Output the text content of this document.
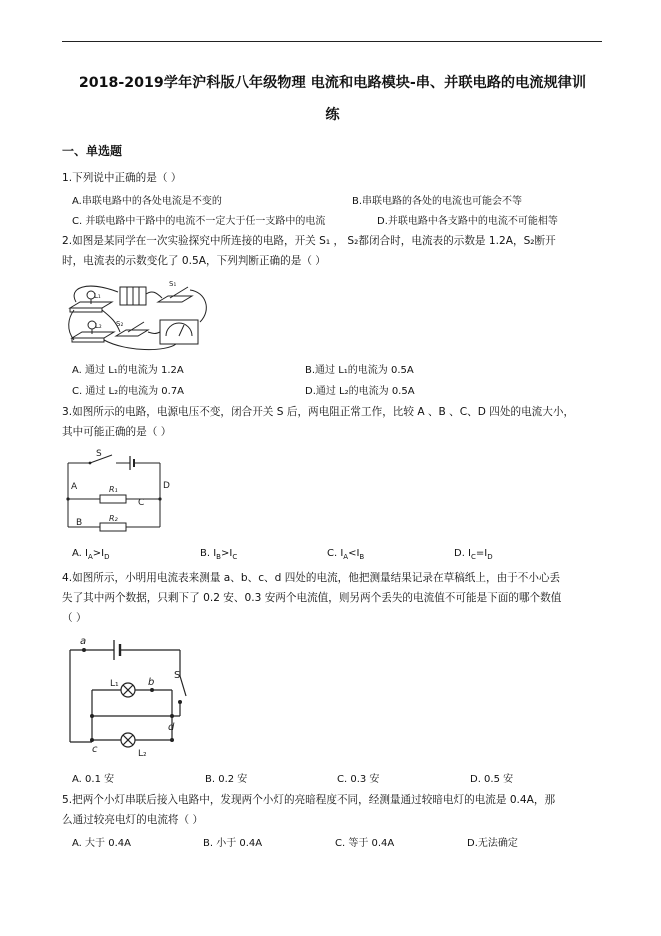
2018-2019学年沪科版八年级物理 电流和电路模块-串、并联电路的电流规律训
练
一、单选题
1.下列说中正确的是（ ）
A.串联电路中的各处电流是不变的	B.串联电路的各处的电流也可能会不等
C. 并联电路中干路中的电流不一定大于任一支路中的电流	D.并联电路中各支路中的电流不可能相等
2.如图是某同学在一次实验探究中所连接的电路，开关 S₁ ， S₂都闭合时，电流表的示数是 1.2A，S₂断开
时，电流表的示数变化了 0.5A，下列判断正确的是（ ）
L₁
S₁
L₂ S₂
A. 通过 L₁的电流为 1.2A	B.通过 L₁的电流为 0.5A
C. 通过 L₂的电流为 0.7A	D.通过 L₂的电流为 0.5A
3.如图所示的电路，电源电压不变，闭合开关 S 后，两电阻正常工作，比较 A 、B 、C、D 四处的电流大小，
其中可能正确的是（ ）
S
A	D
C
B
R₁
R₂
A. $I_A>I_D$	B. $I_B>I_C$	C. $I_A<I_B$	D. $I_C=I_D$
4.如图所示，小明用电流表来测量 a、b、c、d 四处的电流，他把测量结果记录在草稿纸上，由于不小心丢
失了其中两个数据，只剩下了 0.2 安、0.3 安两个电流值，则另两个丢失的电流值不可能是下面的哪个数值
（ ）
a
S
b
L₁
d
c	L₂
A. 0.1 安	B. 0.2 安	C. 0.3 安	D. 0.5 安
5.把两个小灯串联后接入电路中，发现两个小灯的亮暗程度不同，经测量通过较暗电灯的电流是 0.4A，那
么通过较亮电灯的电流将（ ）
A. 大于 0.4A	B. 小于 0.4A	C. 等于 0.4A	D.无法确定
